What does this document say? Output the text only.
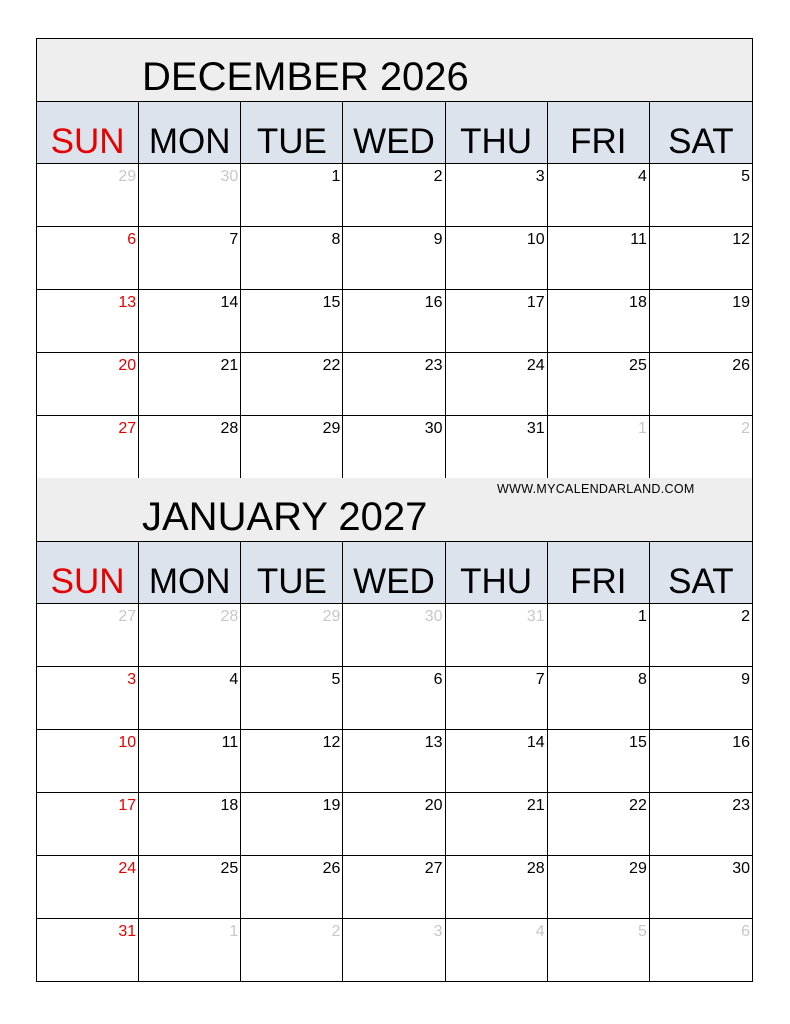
DECEMBER 2026
SUN MON TUE WED THU	FRI	SAT
29	30	1	2	3	4	5
6	7	8	9	10	11	12
13	14	15	16	17	18	19
20	21	22	23	24	25	26
27	28	29	30	31	1	2
WWW.MYCALENDARLAND.COM
JANUARY 2027
SUN MON TUE WED THU	FRI	SAT
27	28	29	30	31	1	2
3	4	5	6	7	8	9
10	11	12	13	14	15	16
17	18	19	20	21	22	23
24	25	26	27	28	29	30
31	1	2	3	4	5	6
